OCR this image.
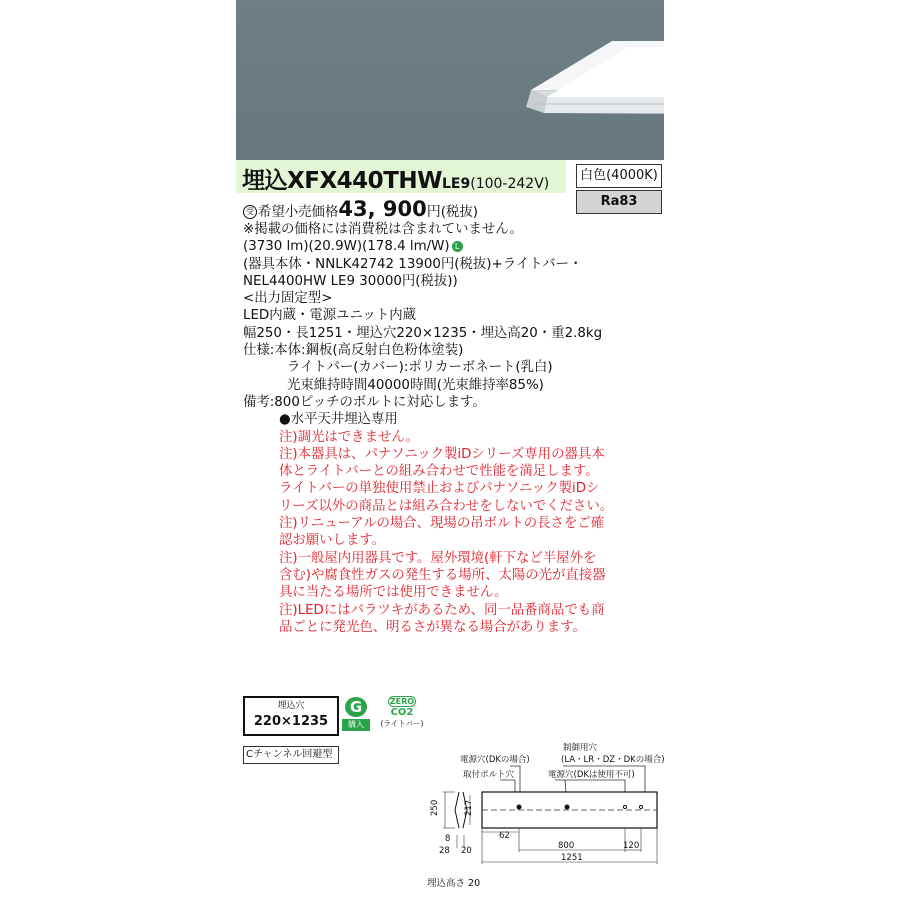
埋込XFX440THWLE9(100-242V)
白色(4000K)
Ra83
受 希望小売価格43, 900円(税抜)
※掲載の価格には消費税は含まれていません。
(3730 lm)(20.9W)(178.4 lm/W) L
(器具本体・NNLK42742 13900円(税抜)+ライトバー・
NEL4400HW LE9 30000円(税抜))
<出力固定型>
LED内蔵・電源ユニット内蔵
幅250・長1251・埋込穴220×1235・埋込高20・重2.8kg
仕様:本体:鋼板(高反射白色粉体塗装)
ライトバー(カバー):ポリカーボネート(乳白)
光束維持時間40000時間(光束維持率85%)
備考:800ピッチのボルトに対応します。
●水平天井埋込専用
注)調光はできません。
注)本器具は、パナソニック製iDシリーズ専用の器具本
体とライトバーとの組み合わせで性能を満足します。
ライトバーの単独使用禁止およびパナソニック製iDシ
リーズ以外の商品とは組み合わせをしないでください。
注)リニューアルの場合、現場の吊ボルトの長さをご確
認お願いします。
注)一般屋内用器具です。屋外環境(軒下など半屋外を
含む)や腐食性ガスの発生する場所、太陽の光が直接器
具に当たる場所では使用できません。
注)LEDにはバラツキがあるため、同一品番商品でも商
品ごとに発光色、明るさが異なる場合があります。
埋込穴
220×1235
G
購入
ZERO
CO2
(ライトバー)
Cチャンネル回避型	電源穴(DKの場合)
取付ボルト穴
制御用穴
(LA・LR・DZ・DKの場合)
電源穴(DKは使用不可)
250	217
8
28 20
62
800	120
1251
埋込高さ 20
